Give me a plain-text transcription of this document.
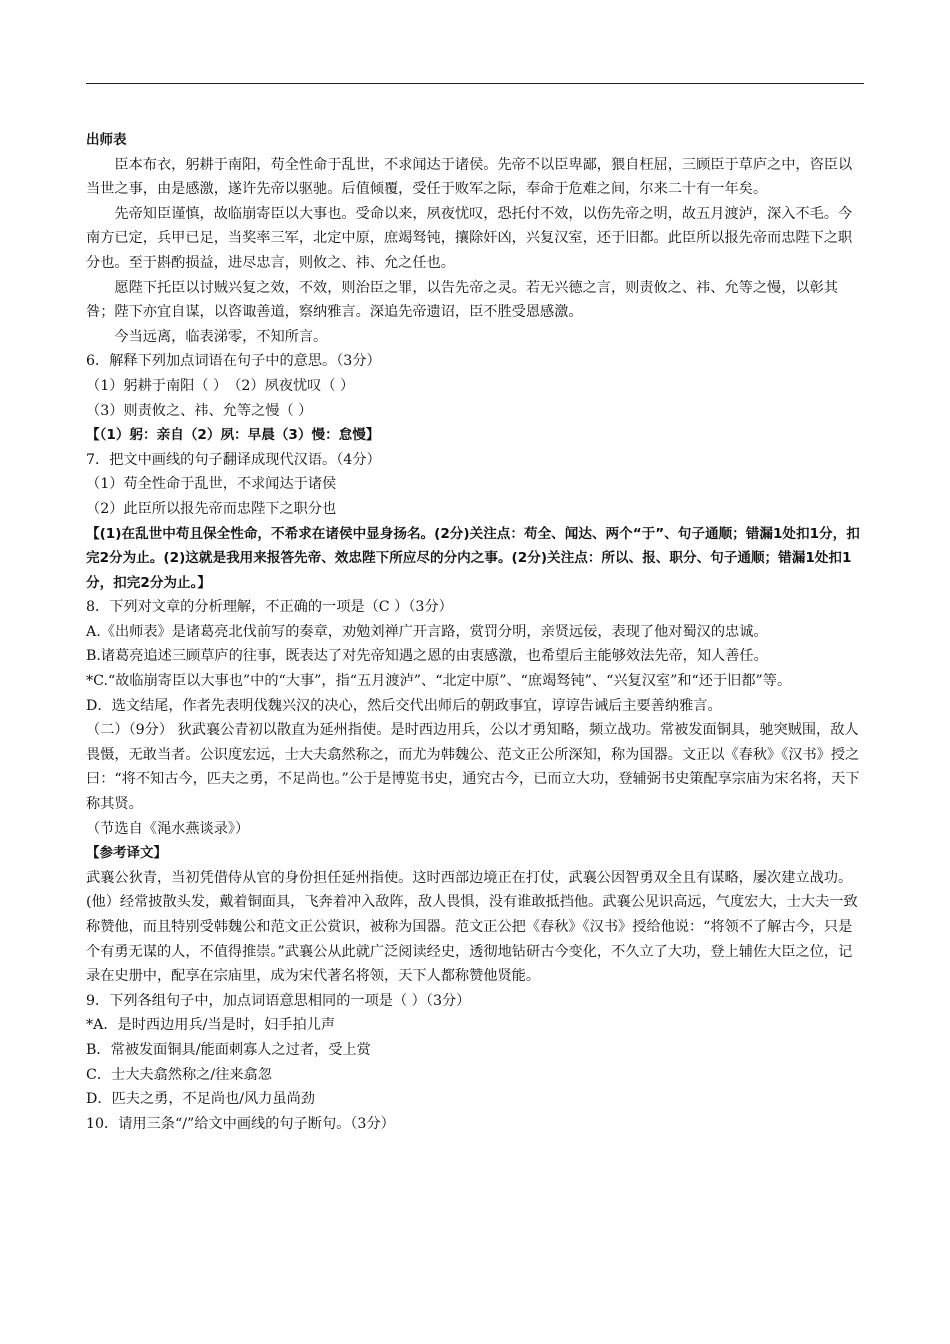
出师表

臣本布衣，躬耕于南阳，苟全性命于乱世，不求闻达于诸侯。先帝不以臣卑鄙，猥自枉屈，三顾臣于草庐之中，咨臣以当世之事，由是感激，遂许先帝以驱驰。后值倾覆，受任于败军之际，奉命于危难之间，尔来二十有一年矣。

先帝知臣谨慎，故临崩寄臣以大事也。受命以来，夙夜忧叹，恐托付不效，以伤先帝之明，故五月渡泸，深入不毛。今南方已定，兵甲已足，当奖率三军，北定中原，庶竭驽钝，攘除奸凶，兴复汉室，还于旧都。此臣所以报先帝而忠陛下之职分也。至于斟酌损益，进尽忠言，则攸之、祎、允之任也。

愿陛下托臣以讨贼兴复之效，不效，则治臣之罪，以告先帝之灵。若无兴德之言，则责攸之、祎、允等之慢，以彰其咎；陛下亦宜自谋，以咨诹善道，察纳雅言。深追先帝遗诏，臣不胜受恩感激。

今当远离，临表涕零，不知所言。

6．解释下列加点词语在句子中的意思。（3分）

（1）躬耕于南阳（ ）　（2）夙夜忧叹（ ）

（3）则责攸之、祎、允等之慢（ ）

【（1）躬：亲自（2）夙：早晨（3）慢：怠慢】

7．把文中画线的句子翻译成现代汉语。（4分）

（1）苟全性命于乱世，不求闻达于诸侯

（2）此臣所以报先帝而忠陛下之职分也

【(1)在乱世中苟且保全性命，不希求在诸侯中显身扬名。(2分)关注点：苟全、闻达、两个“于”、句子通顺；错漏1处扣1分，扣完2分为止。(2)这就是我用来报答先帝、效忠陛下所应尽的分内之事。(2分)关注点：所以、报、职分、句子通顺；错漏1处扣1分，扣完2分为止。】

8．下列对文章的分析理解，不正确的一项是（C ）（3分）

A.《出师表》是诸葛亮北伐前写的奏章，劝勉刘禅广开言路，赏罚分明，亲贤远佞，表现了他对蜀汉的忠诚。

B.诸葛亮追述三顾草庐的往事，既表达了对先帝知遇之恩的由衷感激，也希望后主能够效法先帝，知人善任。

*C.“故临崩寄臣以大事也”中的“大事”，指“五月渡泸”、“北定中原”、“庶竭驽钝”、“兴复汉室”和“还于旧都”等。

D．选文结尾，作者先表明伐魏兴汉的决心，然后交代出师后的朝政事宜，谆谆告诫后主要善纳雅言。

（二）（9分） 狄武襄公青初以散直为延州指使。是时西边用兵，公以才勇知略，频立战功。常被发面铜具，驰突贼围，敌人畏慑，无敢当者。公识度宏远，士大夫翕然称之，而尤为韩魏公、范文正公所深知，称为国器。文正以《春秋》《汉书》授之曰：“将不知古今，匹夫之勇，不足尚也。”公于是博览书史，通究古今，已而立大功，登辅弼书史策配享宗庙为宋名将，天下称其贤。

（节选自《渑水燕谈录》）

【参考译文】

武襄公狄青，当初凭借侍从官的身份担任延州指使。这时西部边境正在打仗，武襄公因智勇双全且有谋略，屡次建立战功。(他）经常披散头发，戴着铜面具，飞奔着冲入敌阵，敌人畏惧，没有谁敢抵挡他。武襄公见识高远，气度宏大，士大夫一致称赞他，而且特别受韩魏公和范文正公赏识，被称为国器。范文正公把《春秋》《汉书》授给他说：“将领不了解古今，只是个有勇无谋的人，不值得推崇。”武襄公从此就广泛阅读经史，透彻地钻研古今变化，不久立了大功，登上辅佐大臣之位，记录在史册中，配享在宗庙里，成为宋代著名将领，天下人都称赞他贤能。

9．下列各组句子中，加点词语意思相同的一项是（ ）（3分）

*A．是时西边用兵/当是时，妇手拍儿声

B．常被发面铜具/能面刺寡人之过者，受上赏

C．士大夫翕然称之/往来翕忽

D．匹夫之勇，不足尚也/风力虽尚劲

10．请用三条“/”给文中画线的句子断句。（3分）
